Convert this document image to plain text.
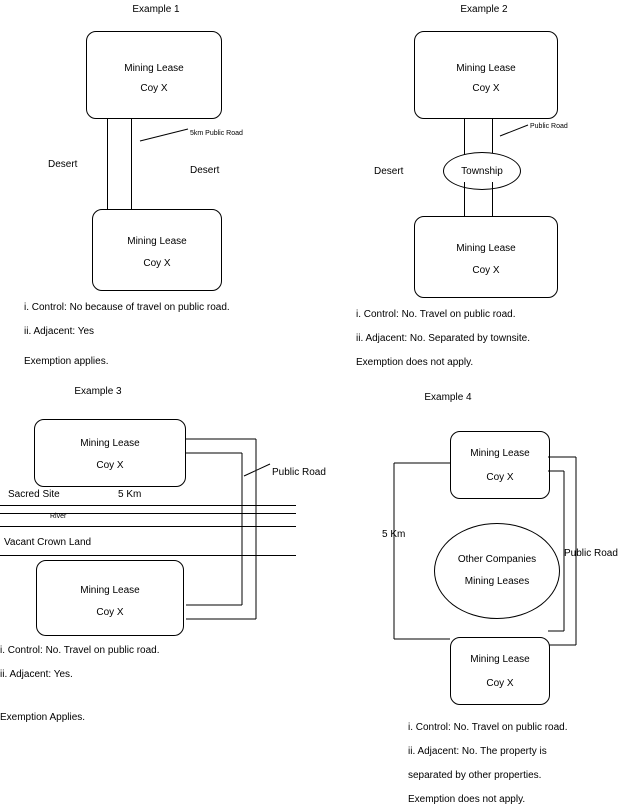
Example 1
Mining Lease
Coy X
5km Public Road
Desert
Desert
Mining Lease
Coy X
i. Control: No because of travel on public road.
ii. Adjacent: Yes
Exemption applies.
Example 2
Mining Lease
Coy X
Public Road
Desert	Township
Mining Lease
Coy X
i. Control: No. Travel on public road.
ii. Adjacent: No. Separated by townsite.
Exemption does not apply.
Example 3
Mining Lease
Coy X
Public Road
Sacred Site	5 Km
River
Vacant Crown Land
Mining Lease
Coy X
i. Control: No. Travel on public road.
ii. Adjacent: Yes.
Exemption Applies.
Example 4
Mining Lease
Coy X
5 Km
Public Road
Other Companies
Mining Leases
Mining Lease
Coy X
i. Control: No. Travel on public road.
ii. Adjacent: No. The property is
separated by other properties.
Exemption does not apply.
